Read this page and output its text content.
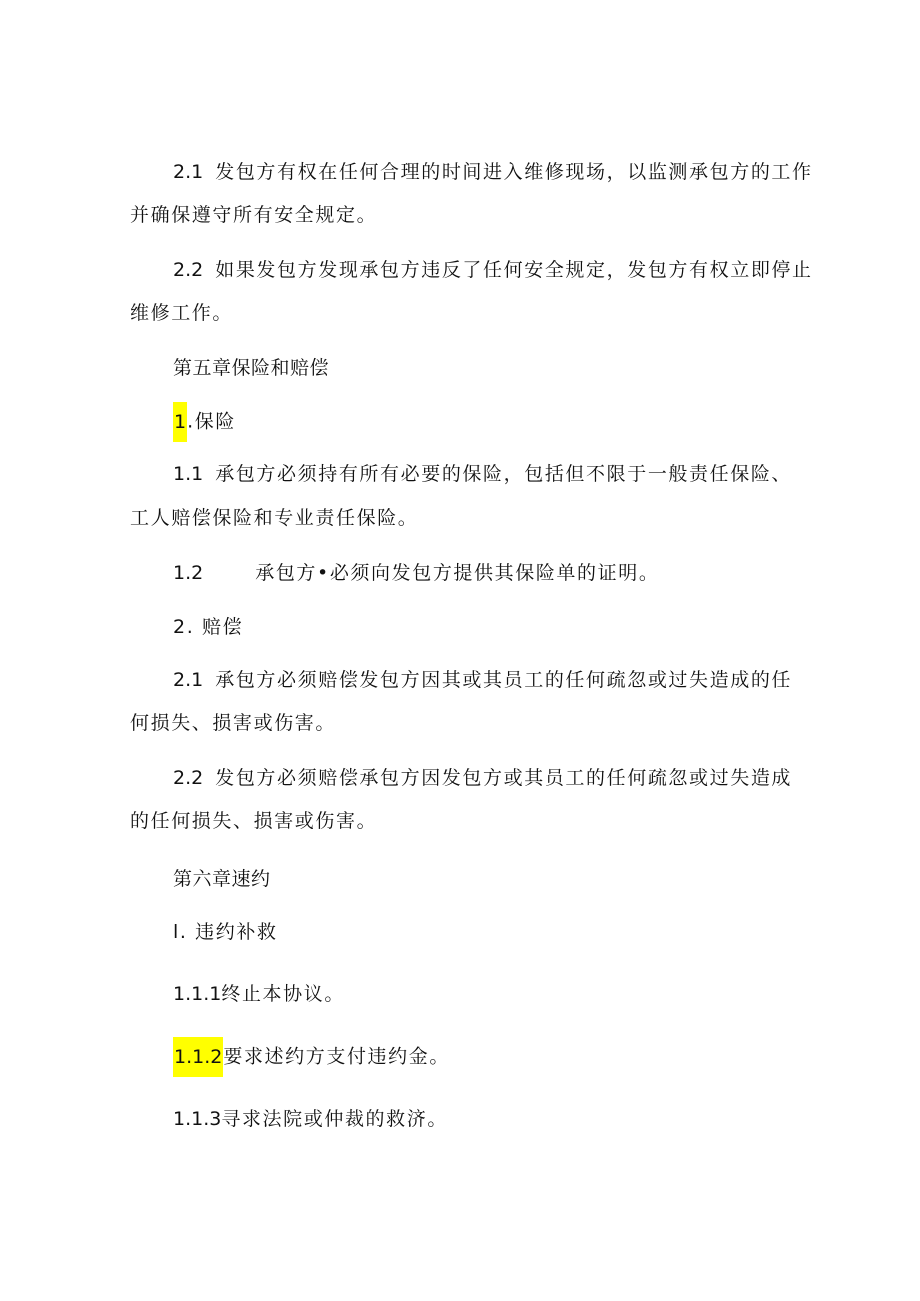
2.1 发包方有权在任何合理的时间进入维修现场，以监测承包方的工作
并确保遵守所有安全规定。
2.2 如果发包方发现承包方违反了任何安全规定，发包方有权立即停止
维修工作。
第五章保险和赔偿
1.保险
1.1 承包方必须持有所有必要的保险，包括但不限于一般责任保险、
工人赔偿保险和专业责任保险。
1.2	承包方•必须向发包方提供其保险单的证明。
2. 赔偿
2.1 承包方必须赔偿发包方因其或其员工的任何疏忽或过失造成的任
何损失、损害或伤害。
2.2 发包方必须赔偿承包方因发包方或其员工的任何疏忽或过失造成
的任何损失、损害或伤害。
第六章速约
l. 违约补救
1.1.1终止本协议。
1.1.2要求述约方支付违约金。
1.1.3寻求法院或仲裁的救济。
